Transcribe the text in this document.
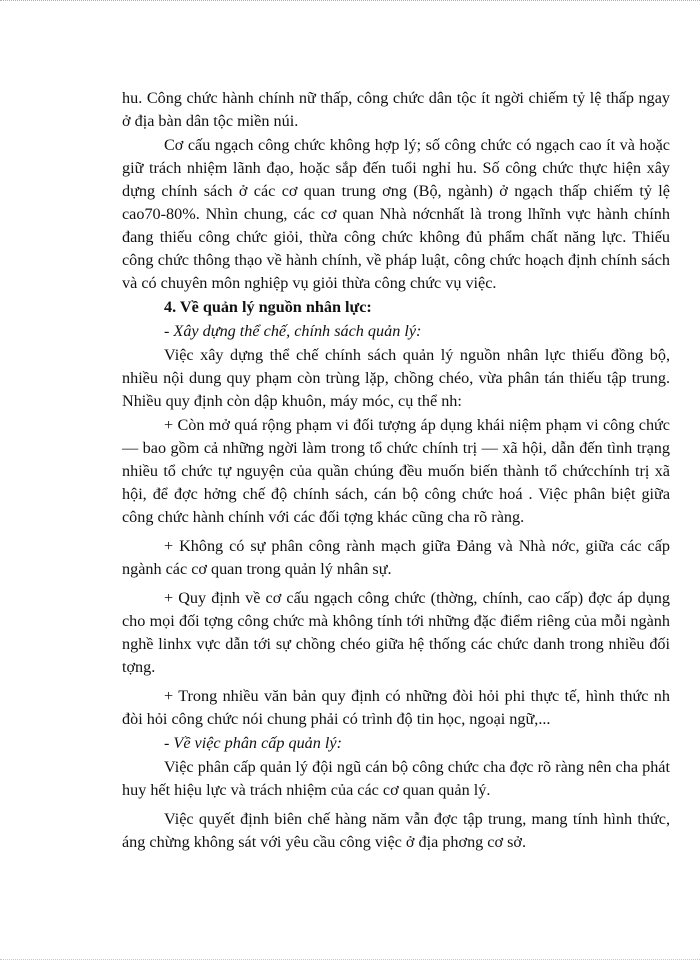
hu. Công chức hành chính nữ thấp, công chức dân tộc ít ngời chiếm tỷ lệ thấp ngay ở địa bàn dân tộc miền núi.

Cơ cấu ngạch công chức không hợp lý; số công chức có ngạch cao ít và hoặc giữ trách nhiệm lãnh đạo, hoặc sắp đến tuổi nghỉ hu. Số công chức thực hiện xây dựng chính sách ở các cơ quan trung ơng (Bộ, ngành) ở ngạch thấp chiếm tỷ lệ cao70-80%. Nhìn chung, các cơ quan Nhà nớcnhất là trong lhĩnh vực hành chính đang thiếu công chức giỏi, thừa công chức không đủ phẩm chất năng lực. Thiếu công chức thông thạo về hành chính, về pháp luật, công chức hoạch định chính sách và có chuyên môn nghiệp vụ giỏi thừa công chức vụ việc.

4. Về quản lý nguồn nhân lực:

- Xây dựng thể chế, chính sách quản lý:

Việc xây dựng thể chế chính sách quản lý nguồn nhân lực thiếu đồng bộ, nhiều nội dung quy phạm còn trùng lặp, chồng chéo, vừa phân tán thiếu tập trung. Nhiều quy định còn dập khuôn, máy móc, cụ thể nh:

+ Còn mở quá rộng phạm vi đối tượng áp dụng khái niệm phạm vi công chức — bao gồm cả những ngời làm trong tổ chức chính trị — xã hội, dẫn đến tình trạng nhiều tổ chức tự nguyện của quần chúng đều muốn biến thành tổ chứcchính trị xã hội, để đợc hởng chế độ chính sách, cán bộ công chức hoá . Việc phân biệt giữa công chức hành chính với các đối tợng khác cũng cha rõ ràng.

+ Không có sự phân công rành mạch giữa Đảng và Nhà nớc, giữa các cấp ngành các cơ quan trong quản lý nhân sự.

+ Quy định về cơ cấu ngạch công chức (thờng, chính, cao cấp) đợc áp dụng cho mọi đối tợng công chức mà không tính tới những đặc điểm riêng của mỗi ngành nghề linhx vực dẫn tới sự chồng chéo giữa hệ thống các chức danh trong nhiều đối tợng.

+ Trong nhiều văn bản quy định có những đòi hỏi phi thực tế, hình thức nh đòi hỏi công chức nói chung phải có trình độ tin học, ngoại ngữ,...

- Về việc phân cấp quản lý:

Việc phân cấp quản lý đội ngũ cán bộ công chức cha đợc rõ ràng nên cha phát huy hết hiệu lực và trách nhiệm của các cơ quan quản lý.

Việc quyết định biên chế hàng năm vẫn đợc tập trung, mang tính hình thức, áng chừng không sát với yêu cầu công việc ở địa phơng cơ sở.
